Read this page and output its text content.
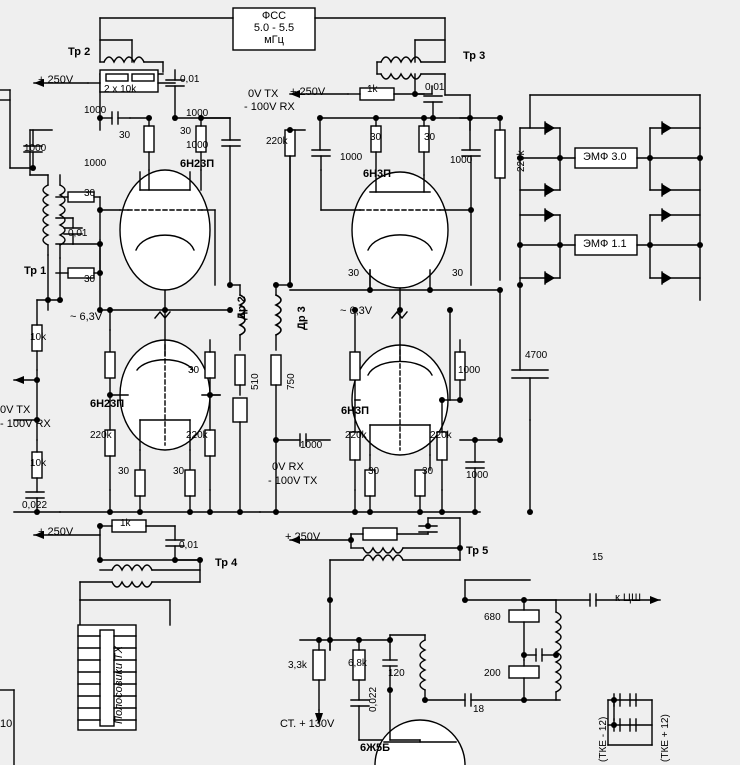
ФСС
5.0 - 5.5
мГц
ЭМФ 3.0
ЭМФ 1.1
Полосовики TX
Тр 2	Тр 3
Тр 1
Тр 4
Тр 5
Др 2	Др 3
6Н23П
6Н23П
6Н3П
6Н3П
6Ж5Б
+ 250V
+ 250V
+ 250V	+ 250V
~ 6,3V	~ 6,3V
0V TX
- 100V RX
0V TX
- 100V RX
0V RX
- 100V TX
СТ. + 130V
2 x 10k
0,01
1000
1000
30	30
1000
30
0,01
30
10k
10k
0,022
220k	220k
30
30	30
1k
0,01
510	750
1k	0,01
1000
220k	30	30
1000	220k
220k	220k
30	30
30	30
1000
1000
4700
15
680
200
3,3k	6,8k
0,022
120
18
1000
1000
1000
к ЦШ
(ТКЕ - 12)	(ТКЕ + 12)
10
